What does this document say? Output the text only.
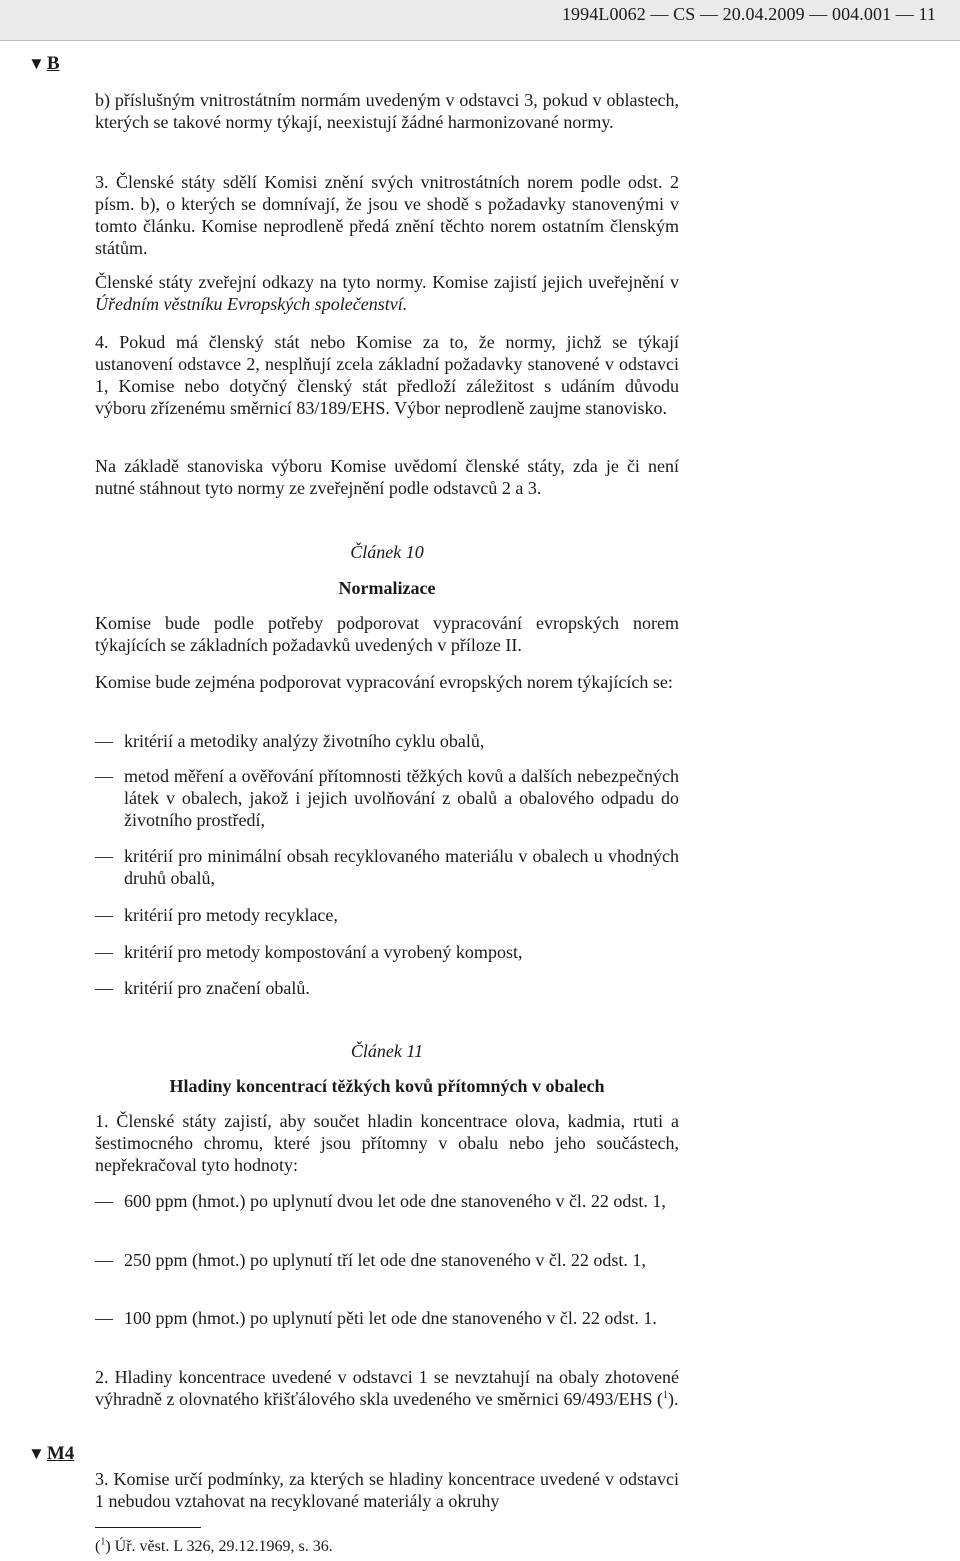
1994L0062 — CS — 20.04.2009 — 004.001 — 11
▼ B

b) příslušným vnitrostátním normám uvedeným v odstavci 3, pokud v oblastech, kterých se takové normy týkají, neexistují žádné harmonizované normy.

3. Členské státy sdělí Komisi znění svých vnitrostátních norem podle odst. 2 písm. b), o kterých se domnívají, že jsou ve shodě s požadavky stanovenými v tomto článku. Komise neprodleně předá znění těchto norem ostatním členským státům.

Členské státy zveřejní odkazy na tyto normy. Komise zajistí jejich uveřejnění v Úředním věstníku Evropských společenství.

4. Pokud má členský stát nebo Komise za to, že normy, jichž se týkají ustanovení odstavce 2, nesplňují zcela základní požadavky stanovené v odstavci 1, Komise nebo dotyčný členský stát předloží záležitost s udáním důvodu výboru zřízenému směrnicí 83/189/EHS. Výbor neprodleně zaujme stanovisko.

Na základě stanoviska výboru Komise uvědomí členské státy, zda je či není nutné stáhnout tyto normy ze zveřejnění podle odstavců 2 a 3.

Článek 10
Normalizace

Komise bude podle potřeby podporovat vypracování evropských norem týkajících se základních požadavků uvedených v příloze II.

Komise bude zejména podporovat vypracování evropských norem týkajících se:

— kritérií a metodiky analýzy životního cyklu obalů,

— metod měření a ověřování přítomnosti těžkých kovů a dalších nebezpečných látek v obalech, jakož i jejich uvolňování z obalů a obalového odpadu do životního prostředí,

— kritérií pro minimální obsah recyklovaného materiálu v obalech u vhodných druhů obalů,

— kritérií pro metody recyklace,

— kritérií pro metody kompostování a vyrobený kompost,

— kritérií pro značení obalů.

Článek 11
Hladiny koncentrací těžkých kovů přítomných v obalech

1. Členské státy zajistí, aby součet hladin koncentrace olova, kadmia, rtuti a šestimocného chromu, které jsou přítomny v obalu nebo jeho součástech, nepřekračoval tyto hodnoty:

— 600 ppm (hmot.) po uplynutí dvou let ode dne stanoveného v čl. 22 odst. 1,

— 250 ppm (hmot.) po uplynutí tří let ode dne stanoveného v čl. 22 odst. 1,

— 100 ppm (hmot.) po uplynutí pěti let ode dne stanoveného v čl. 22 odst. 1.

2. Hladiny koncentrace uvedené v odstavci 1 se nevztahují na obaly zhotovené výhradně z olovnatého křišťálového skla uvedeného ve směrnici 69/493/EHS ($^1$).

▼ M4

3. Komise určí podmínky, za kterých se hladiny koncentrace uvedené v odstavci 1 nebudou vztahovat na recyklované materiály a okruhy

($^1$) Úř. věst. L 326, 29.12.1969, s. 36.
